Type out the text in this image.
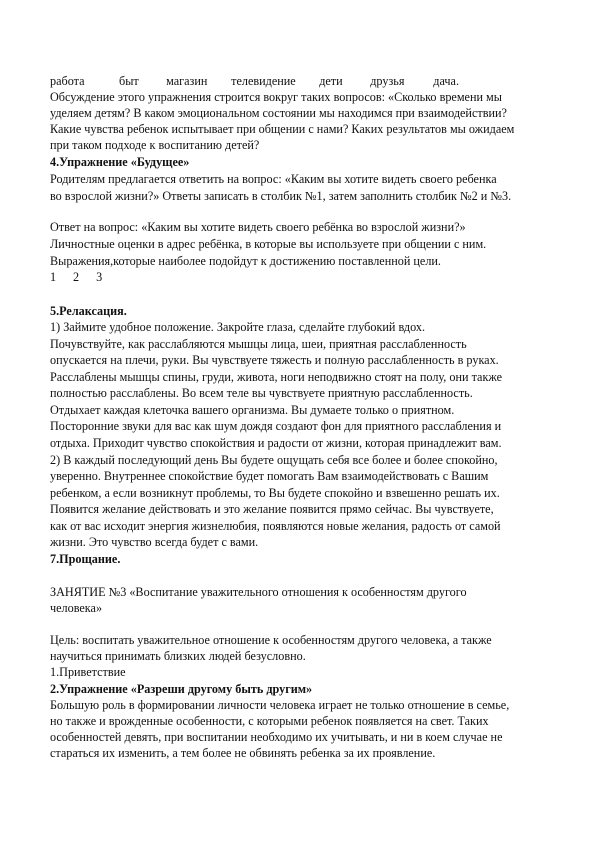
работа	быт магазин телевидение дети друзья дача.
Обсуждение этого упражнения строится вокруг таких вопросов: «Сколько времени мы
уделяем детям? В каком эмоциональном состоянии мы находимся при взаимодействии?
Какие чувства ребенок испытывает при общении с нами? Каких результатов мы ожидаем
при таком подходе к воспитанию детей?
4.Упражнение «Будущее»
Родителям предлагается ответить на вопрос: «Каким вы хотите видеть своего ребенка
во взрослой жизни?» Ответы записать в столбик №1, затем заполнить столбик №2 и №3.
Ответ на вопрос: «Каким вы хотите видеть своего ребёнка во взрослой жизни?»
Личностные оценки в адрес ребёнка, в которые вы используете при общении с ним.
Выражения,которые наиболее подойдут к достижению поставленной цели.
1 2 3
5.Релаксация.
1) Займите удобное положение. Закройте глаза, сделайте глубокий вдох.
Почувствуйте, как расслабляются мышцы лица, шеи, приятная расслабленность
опускается на плечи, руки. Вы чувствуете тяжесть и полную расслабленность в руках.
Расслаблены мышцы спины, груди, живота, ноги неподвижно стоят на полу, они также
полностью расслаблены. Во всем теле вы чувствуете приятную расслабленность.
Отдыхает каждая клеточка вашего организма. Вы думаете только о приятном.
Посторонние звуки для вас как шум дождя создают фон для приятного расслабления и
отдыха. Приходит чувство спокойствия и радости от жизни, которая принадлежит вам.
2) В каждый последующий день Вы будете ощущать себя все более и более спокойно,
уверенно. Внутреннее спокойствие будет помогать Вам взаимодействовать с Вашим
ребенком, а если возникнут проблемы, то Вы будете спокойно и взвешенно решать их.
Появится желание действовать и это желание появится прямо сейчас. Вы чувствуете,
как от вас исходит энергия жизнелюбия, появляются новые желания, радость от самой
жизни. Это чувство всегда будет с вами.
7.Прощание.
ЗАНЯТИЕ №3 «Воспитание уважительного отношения к особенностям другого
человека»
Цель: воспитать уважительное отношение к особенностям другого человека, а также
научиться принимать близких людей безусловно.
1.Приветствие
2.Упражнение «Разреши другому быть другим»
Большую роль в формировании личности человека играет не только отношение в семье,
но также и врожденные особенности, с которыми ребенок появляется на свет. Таких
особенностей девять, при воспитании необходимо их учитывать, и ни в коем случае не
стараться их изменить, а тем более не обвинять ребенка за их проявление.
